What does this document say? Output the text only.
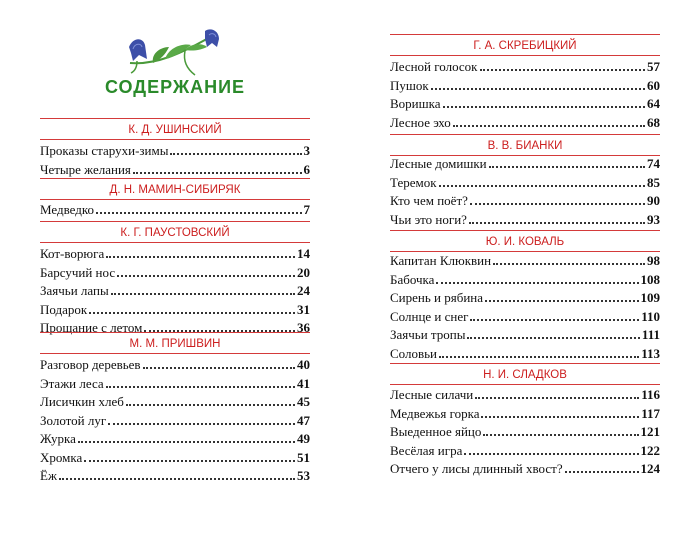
СОДЕРЖАНИЕ
К. Д. УШИНСКИЙ
Проказы старухи-зимы	3
Четыре желания	6
Д. Н. МАМИН-СИБИРЯК
Медведко	7
К. Г. ПАУСТОВСКИЙ
Кот-ворюга	14
Барсучий нос	20
Заячьи лапы	24
Подарок	31
Прощание с летом	36
М. М. ПРИШВИН
Разговор деревьев	40
Этажи леса	41
Лисичкин хлеб	45
Золотой луг	47
Журка	49
Хромка	51
Ёж	53
Г. А. СКРЕБИЦКИЙ
Лесной голосок	57
Пушок	60
Воришка	64
Лесное эхо	68
В. В. БИАНКИ
Лесные домишки	74
Теремок	85
Кто чем поёт?	90
Чьи это ноги?	93
Ю. И. КОВАЛЬ
Капитан Клюквин	98
Бабочка	108
Сирень и рябина	109
Солнце и снег	110
Заячьи тропы	111
Соловьи	113
Н. И. СЛАДКОВ
Лесные силачи	116
Медвежья горка	117
Выеденное яйцо	121
Весёлая игра	122
Отчего у лисы длинный хвост?	124
